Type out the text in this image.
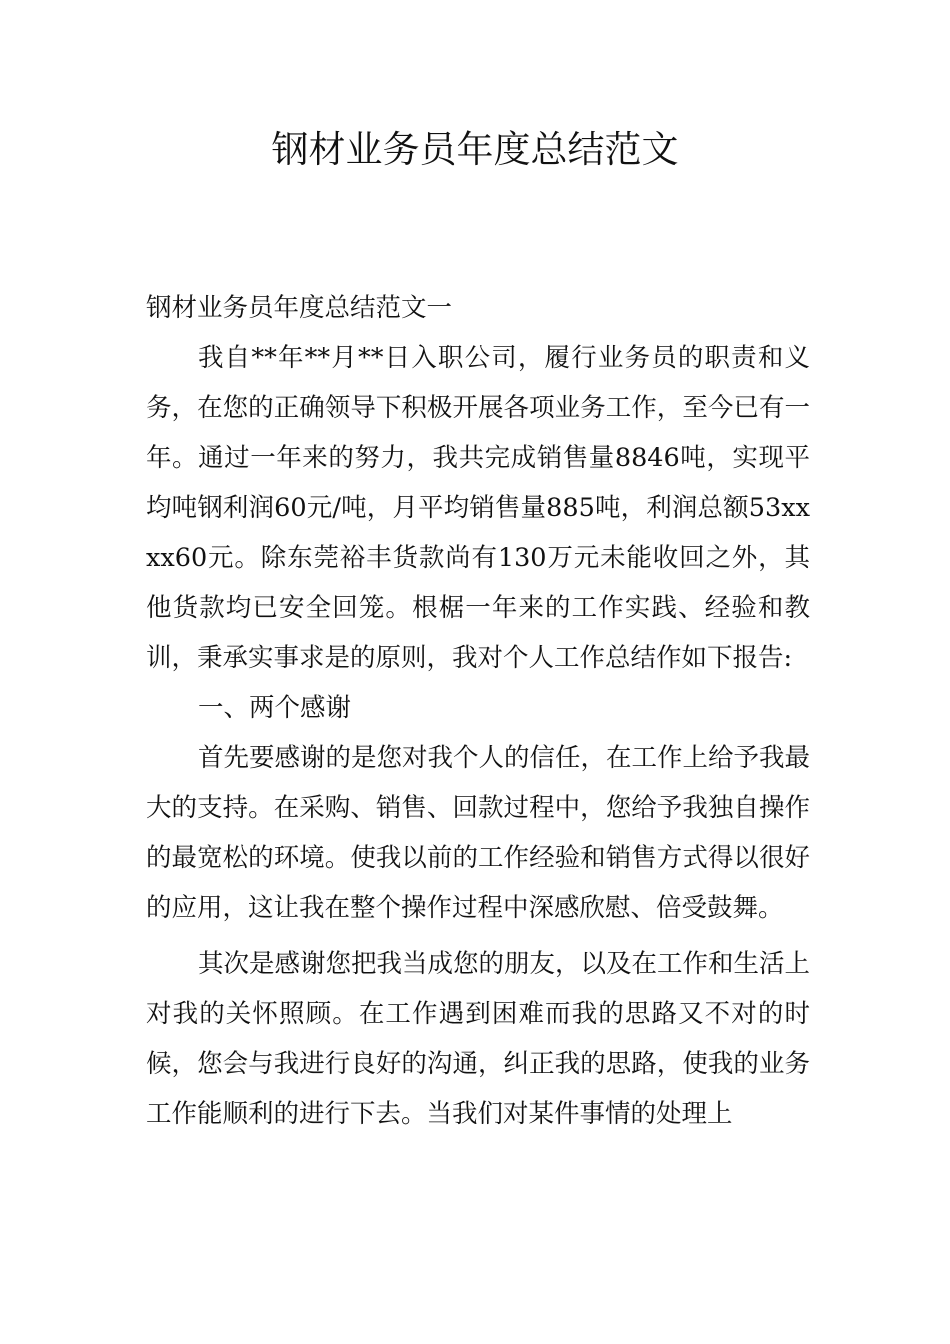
钢材业务员年度总结范文

钢材业务员年度总结范文一

我自**年**月**日入职公司，履行业务员的职责和义务，在您的正确领导下积极开展各项业务工作，至今已有一年。通过一年来的努力，我共完成销售量8846吨，实现平均吨钢利润60元/吨，月平均销售量885吨，利润总额53xxxx60元。除东莞裕丰货款尚有130万元未能收回之外，其他货款均已安全回笼。根椐一年来的工作实践、经验和教训，秉承实事求是的原则，我对个人工作总结作如下报告:

一、两个感谢

首先要感谢的是您对我个人的信任，在工作上给予我最大的支持。在采购、销售、回款过程中，您给予我独自操作的最宽松的环境。使我以前的工作经验和销售方式得以很好的应用，这让我在整个操作过程中深感欣慰、倍受鼓舞。

其次是感谢您把我当成您的朋友，以及在工作和生活上对我的关怀照顾。在工作遇到困难而我的思路又不对的时候，您会与我进行良好的沟通，纠正我的思路，使我的业务工作能顺利的进行下去。当我们对某件事情的处理上
